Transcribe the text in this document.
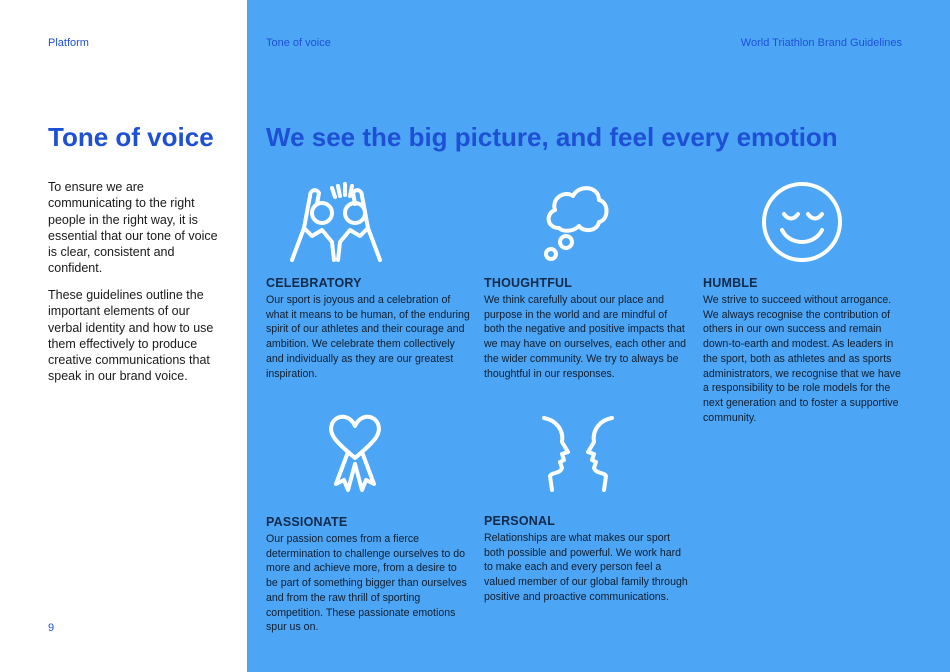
Platform	Tone of voice	World Triathlon Brand Guidelines
Tone of voice

To ensure we are communicating to the right people in the right way, it is essential that our tone of voice is clear, consistent and confident.

These guidelines outline the important elements of our verbal identity and how to use them effectively to produce creative communications that speak in our brand voice.

9
We see the big picture, and feel every emotion
CELEBRATORY

Our sport is joyous and a celebration of what it means to be human, of the enduring spirit of our athletes and their courage and ambition. We celebrate them collectively and individually as they are our greatest inspiration.

THOUGHTFUL

We think carefully about our place and purpose in the world and are mindful of both the negative and positive impacts that we may have on ourselves, each other and the wider community. We try to always be thoughtful in our responses.

HUMBLE

We strive to succeed without arrogance. We always recognise the contribution of others in our own success and remain down-to-earth and modest. As leaders in the sport, both as athletes and as sports administrators, we recognise that we have a responsibility to be role models for the next generation and to foster a supportive community.

PASSIONATE

Our passion comes from a fierce determination to challenge ourselves to do more and achieve more, from a desire to be part of something bigger than ourselves and from the raw thrill of sporting competition. These passionate emotions spur us on.

PERSONAL

Relationships are what makes our sport both possible and powerful. We work hard to make each and every person feel a valued member of our global family through positive and proactive communications.
